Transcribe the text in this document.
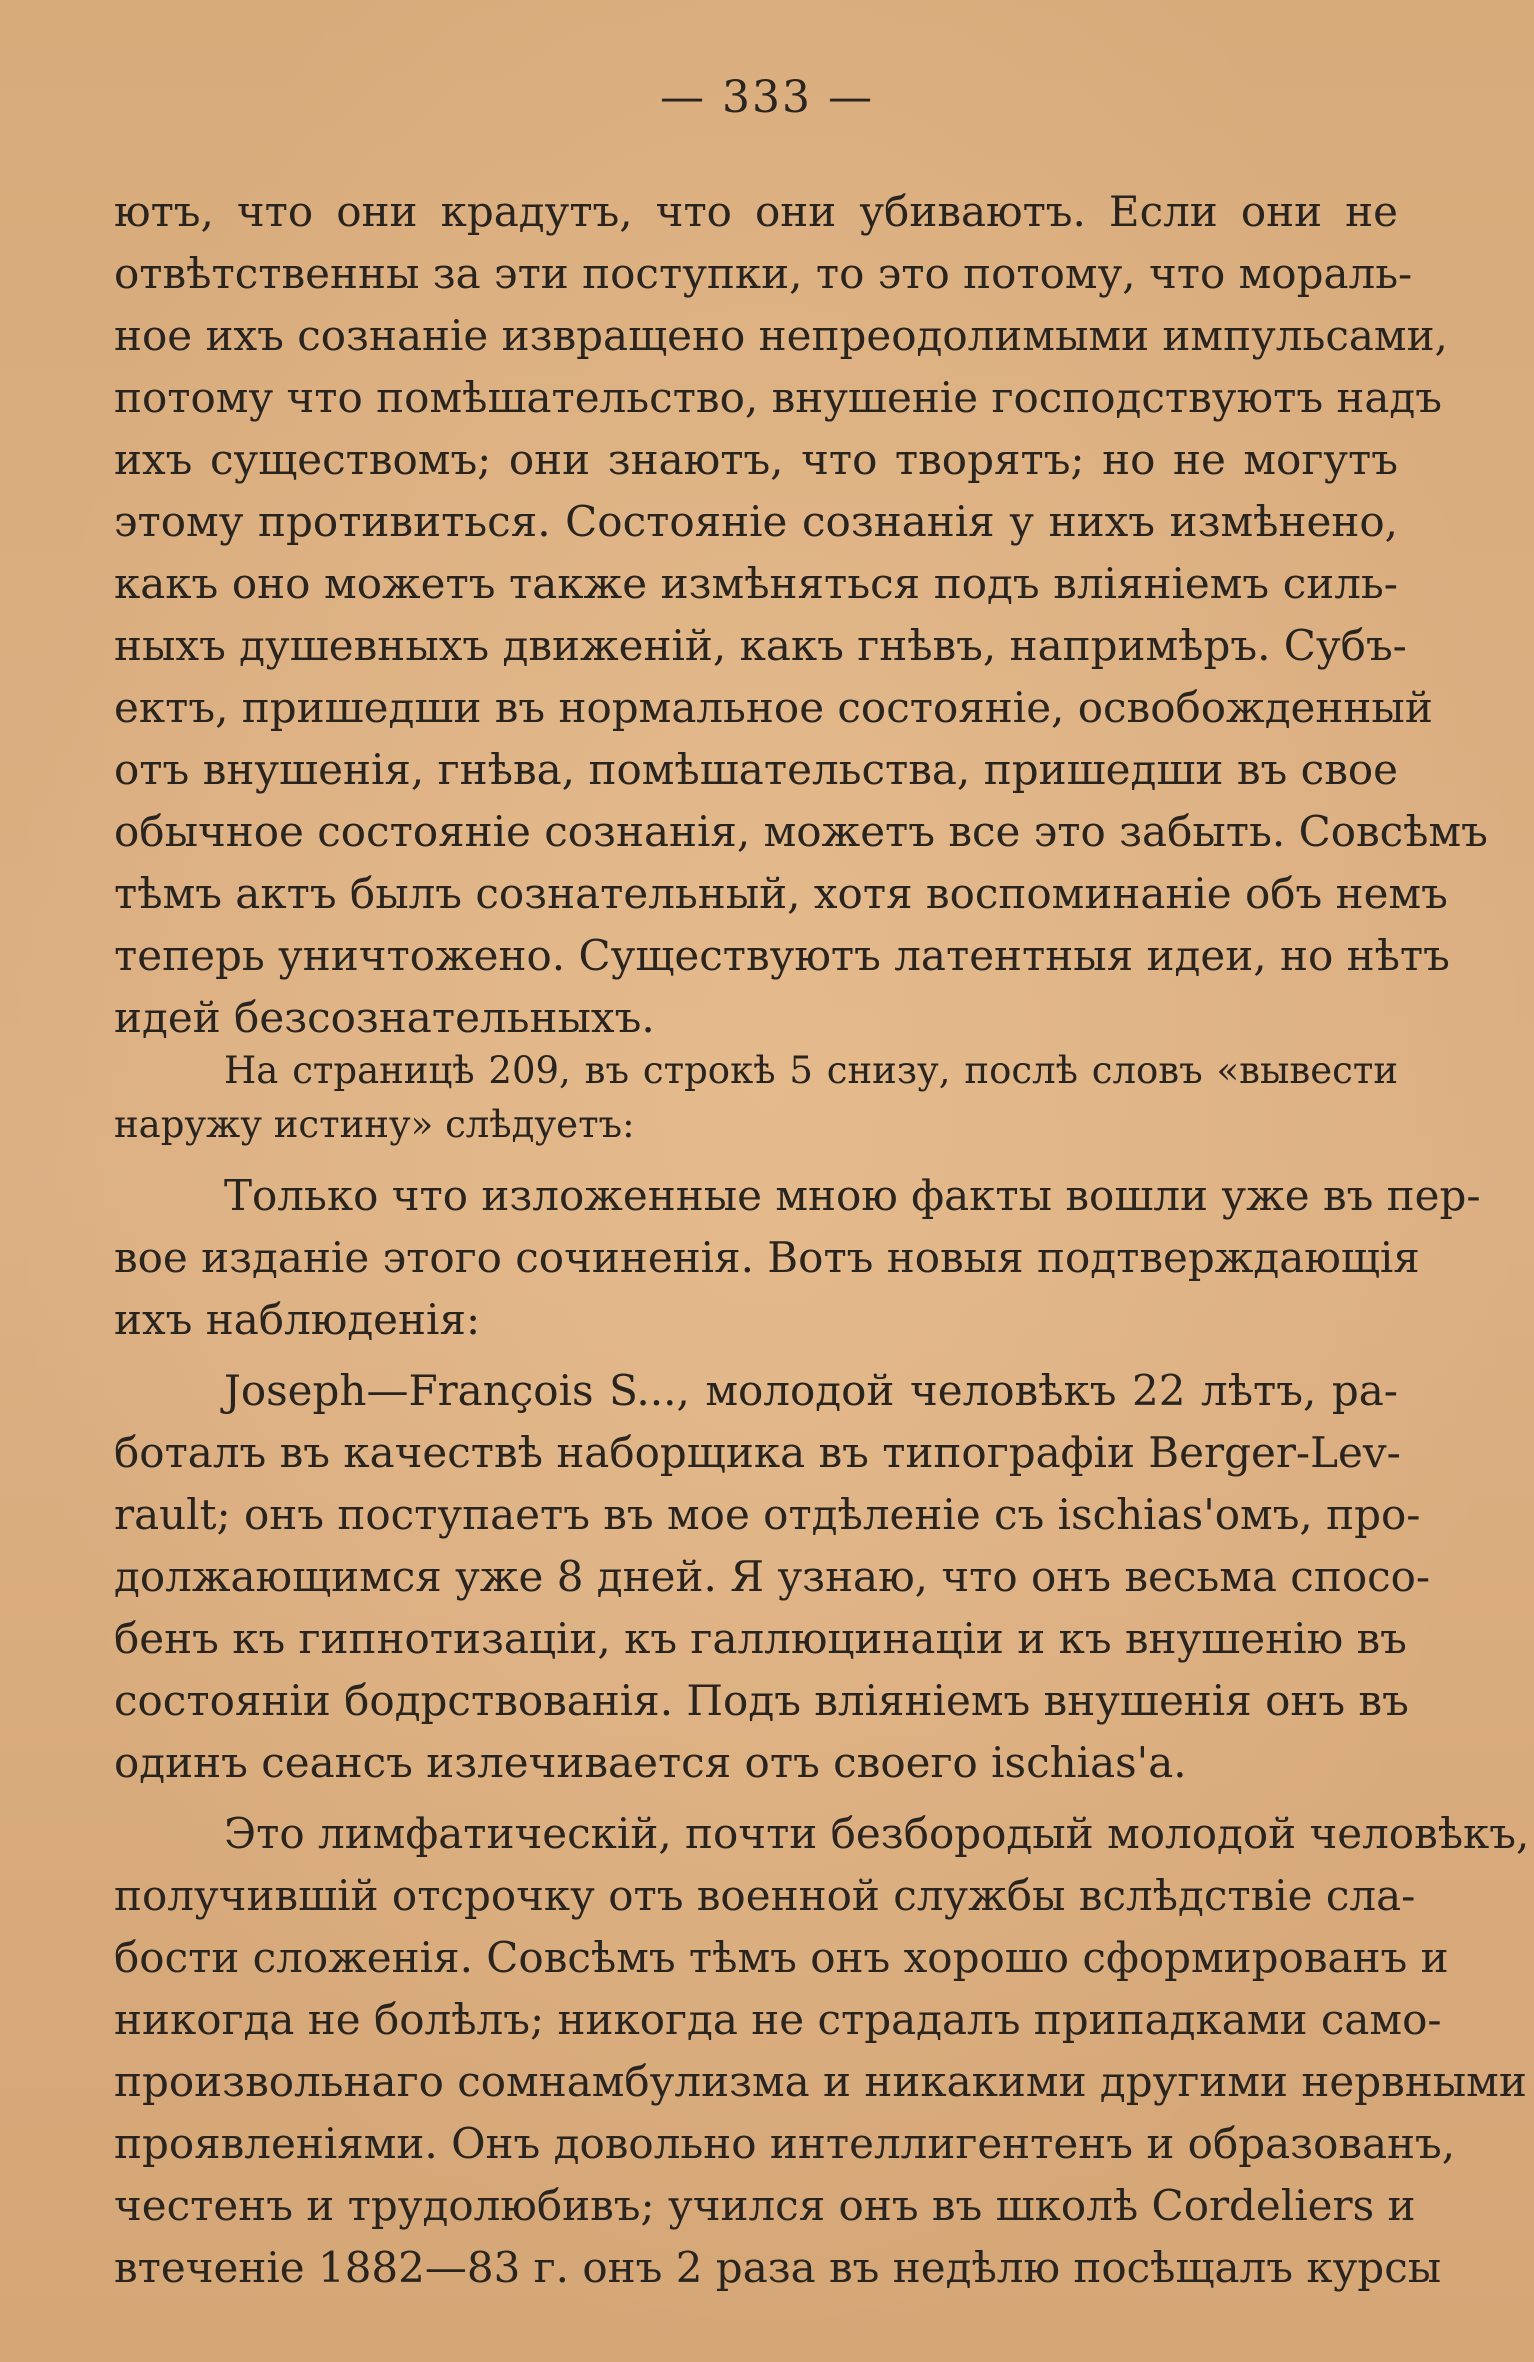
— 333 —
ютъ, что они крадутъ, что они убиваютъ. Если они не
отвѣтственны за эти поступки, то это потому, что мораль-
ное ихъ сознаніе извращено непреодолимыми импульсами,
потому что помѣшательство, внушеніе господствуютъ надъ
ихъ существомъ; они знаютъ, что творятъ; но не могутъ
этому противиться. Состояніе сознанія у нихъ измѣнено,
какъ оно можетъ также измѣняться подъ вліяніемъ силь-
ныхъ душевныхъ движеній, какъ гнѣвъ, напримѣръ. Субъ-
ектъ, пришедши въ нормальное состояніе, освобожденный
отъ внушенія, гнѣва, помѣшательства, пришедши въ свое
обычное состояніе сознанія, можетъ все это забыть. Совсѣмъ
тѣмъ актъ былъ сознательный, хотя воспоминаніе объ немъ
теперь уничтожено. Существуютъ латентныя идеи, но нѣтъ
идей безсознательныхъ.
На страницѣ 209, въ строкѣ 5 снизу, послѣ словъ «вывести
наружу истину» слѣдуетъ:
Только что изложенные мною факты вошли уже въ пер-
вое изданіе этого сочиненія. Вотъ новыя подтверждающія
ихъ наблюденія:
Joseph—François S..., молодой человѣкъ 22 лѣтъ, ра-
боталъ въ качествѣ наборщика въ типографіи Berger-Lev-
rault; онъ поступаетъ въ мое отдѣленіе съ ischias'омъ, про-
должающимся уже 8 дней. Я узнаю, что онъ весьма спосо-
бенъ къ гипнотизаціи, къ галлюцинаціи и къ внушенію въ
состояніи бодрствованія. Подъ вліяніемъ внушенія онъ въ
одинъ сеансъ излечивается отъ своего ischias'а.
Это лимфатическій, почти безбородый молодой человѣкъ,
получившій отсрочку отъ военной службы вслѣдствіе сла-
бости сложенія. Совсѣмъ тѣмъ онъ хорошо сформированъ и
никогда не болѣлъ; никогда не страдалъ припадками само-
произвольнаго сомнамбулизма и никакими другими нервными
проявленіями. Онъ довольно интеллигентенъ и образованъ,
честенъ и трудолюбивъ; учился онъ въ школѣ Cordeliers и
втеченіе 1882—83 г. онъ 2 раза въ недѣлю посѣщалъ курсы
